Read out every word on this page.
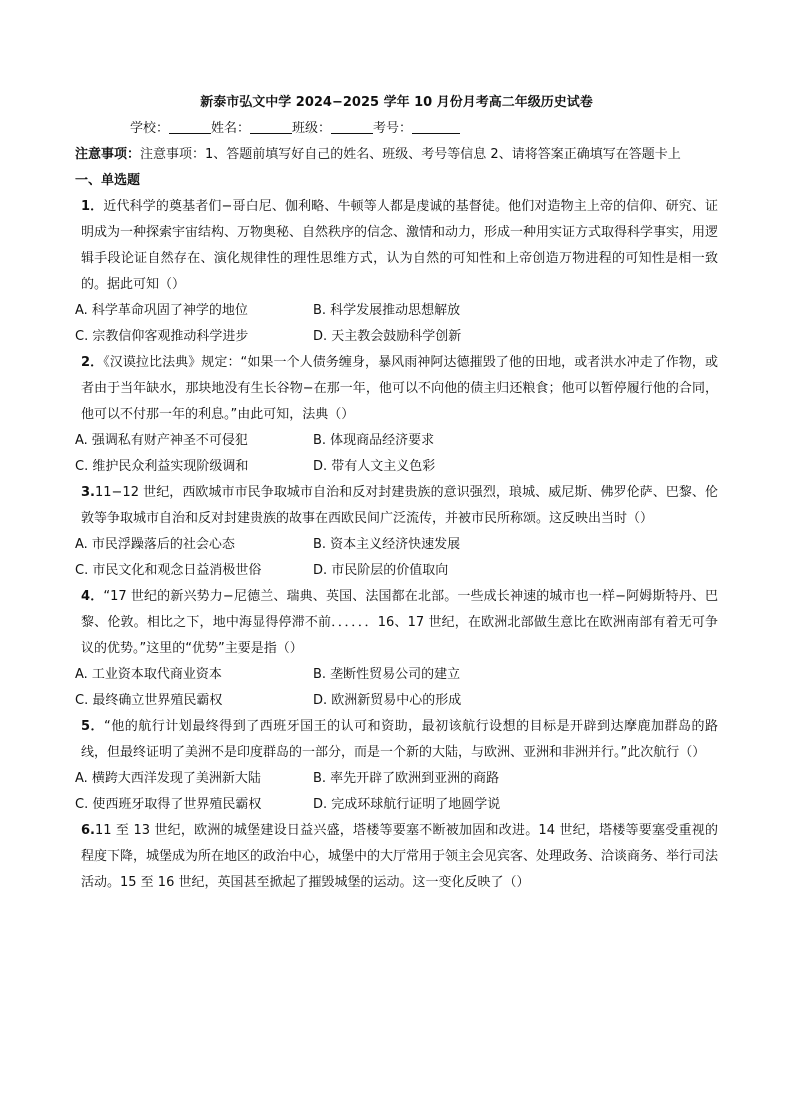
新泰市弘文中学 2024−2025 学年 10 月份月考高二年级历史试卷
学校：	姓名：	班级：	考号：
注意事项：注意事项：1、答题前填写好自己的姓名、班级、考号等信息 2、请将答案正确填写在答题卡上
一、单选题

1．近代科学的奠基者们−哥白尼、伽利略、牛顿等人都是虔诚的基督徒。他们对造物主上帝的信仰、研究、证明成为一种探索宇宙结构、万物奥秘、自然秩序的信念、激情和动力，形成一种用实证方式取得科学事实，用逻辑手段论证自然存在、演化规律性的理性思维方式，认为自然的可知性和上帝创造万物进程的可知性是相一致的。据此可知（）

A. 科学革命巩固了神学的地位	B. 科学发展推动思想解放
C. 宗教信仰客观推动科学进步	D. 天主教会鼓励科学创新

2．《汉谟拉比法典》规定：“如果一个人债务缠身，暴风雨神阿达德摧毁了他的田地，或者洪水冲走了作物，或者由于当年缺水，那块地没有生长谷物−在那一年，他可以不向他的债主归还粮食；他可以暂停履行他的合同，他可以不付那一年的利息。”由此可知，法典（）

A. 强调私有财产神圣不可侵犯	B. 体现商品经济要求
C. 维护民众利益实现阶级调和	D. 带有人文主义色彩

3.11−12 世纪，西欧城市市民争取城市自治和反对封建贵族的意识强烈，琅城、威尼斯、佛罗伦萨、巴黎、伦敦等争取城市自治和反对封建贵族的故事在西欧民间广泛流传，并被市民所称颂。这反映出当时（）

A. 市民浮躁落后的社会心态	B. 资本主义经济快速发展
C. 市民文化和观念日益消极世俗	D. 市民阶层的价值取向

4．“17 世纪的新兴势力−尼德兰、瑞典、英国、法国都在北部。一些成长神速的城市也一样−阿姆斯特丹、巴黎、伦敦。相比之下，地中海显得停滞不前．．．．．．16、17 世纪，在欧洲北部做生意比在欧洲南部有着无可争议的优势。”这里的“优势”主要是指（）

A. 工业资本取代商业资本	B. 垄断性贸易公司的建立
C. 最终确立世界殖民霸权	D. 欧洲新贸易中心的形成

5．“他的航行计划最终得到了西班牙国王的认可和资助，最初该航行设想的目标是开辟到达摩鹿加群岛的路线，但最终证明了美洲不是印度群岛的一部分，而是一个新的大陆，与欧洲、亚洲和非洲并行。”此次航行（）

A. 横跨大西洋发现了美洲新大陆	B. 率先开辟了欧洲到亚洲的商路
C. 使西班牙取得了世界殖民霸权	D. 完成环球航行证明了地圆学说

6.11 至 13 世纪，欧洲的城堡建设日益兴盛，塔楼等要塞不断被加固和改进。14 世纪，塔楼等要塞受重视的程度下降，城堡成为所在地区的政治中心，城堡中的大厅常用于领主会见宾客、处理政务、洽谈商务、举行司法活动。15 至 16 世纪，英国甚至掀起了摧毁城堡的运动。这一变化反映了（）
